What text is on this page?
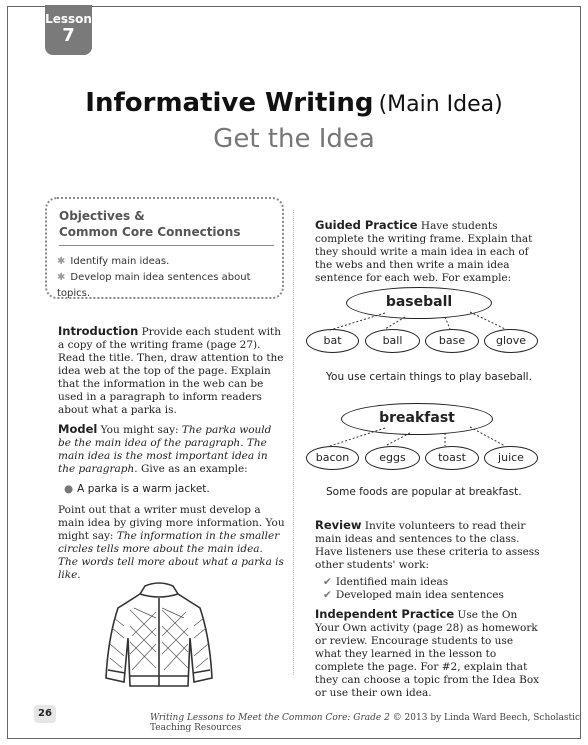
Lesson
7
Informative Writing (Main Idea)
Get the Idea
Objectives &
Common Core Connections
✱ Identify main ideas.
✱ Develop main idea sentences about topics.
Introduction Provide each student with a copy of the writing frame (page 27). Read the title. Then, draw attention to the idea web at the top of the page. Explain that the information in the web can be used in a paragraph to inform readers about what a parka is.
Model You might say: The parka would be the main idea of the paragraph. The main idea is the most important idea in the paragraph. Give as an example:
● A parka is a warm jacket.
Point out that a writer must develop a main idea by giving more information. You might say: The information in the smaller circles tells more about the main idea. The words tell more about what a parka is like.
Guided Practice Have students complete the writing frame. Explain that they should write a main idea in each of the webs and then write a main idea sentence for each web. For example:
baseball
bat	ball	base	glove
You use certain things to play baseball.
breakfast
bacon	eggs	toast	juice
Some foods are popular at breakfast.
Review Invite volunteers to read their main ideas and sentences to the class. Have listeners use these criteria to assess other students' work:
✔ Identified main ideas
✔ Developed main idea sentences
Independent Practice Use the On Your Own activity (page 28) as homework or review. Encourage students to use what they learned in the lesson to complete the page. For #2, explain that they can choose a topic from the Idea Box or use their own idea.
26	Writing Lessons to Meet the Common Core: Grade 2 © 2013 by Linda Ward Beech, Scholastic Teaching Resources
